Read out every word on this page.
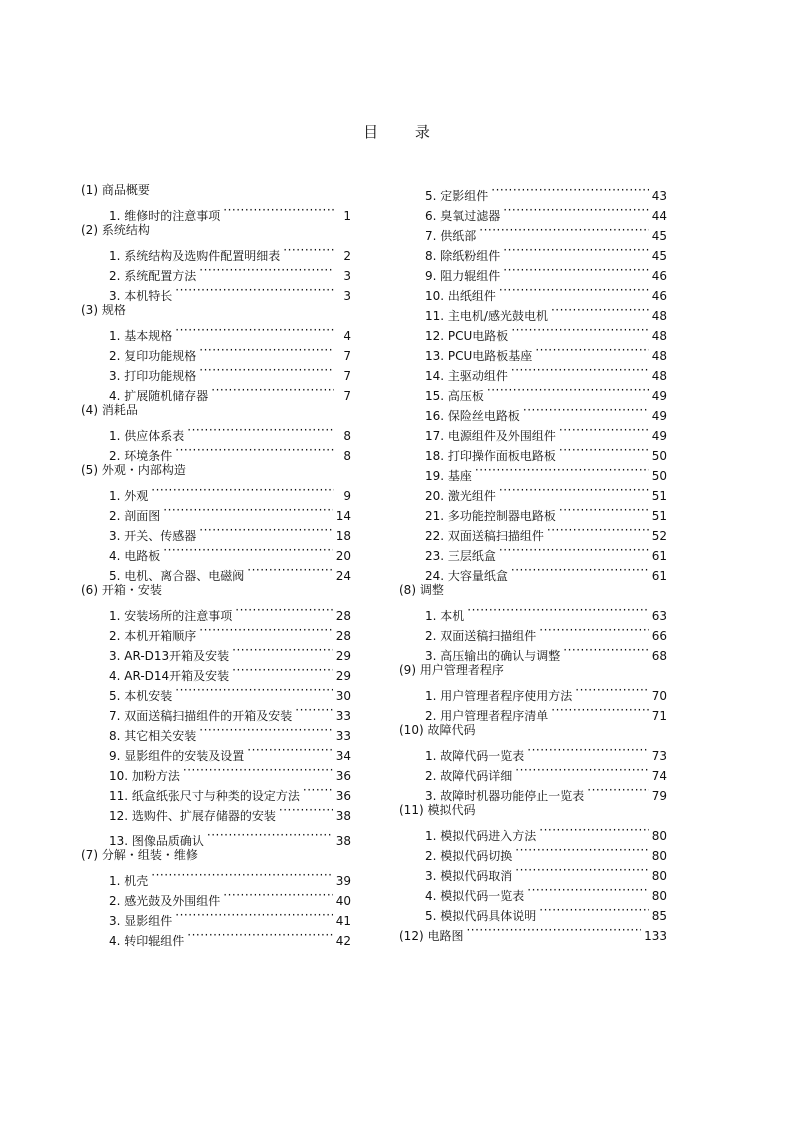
目 录
(1) 商品概要
1. 维修时的注意事项 ·····	1
(2) 系统结构
1. 系统结构及选购件配置明细表 ·····	2
2. 系统配置方法 ·····	3
3. 本机特长 ·····	3
(3) 规格
1. 基本规格 ·····	4
2. 复印功能规格 ·····	7
3. 打印功能规格 ·····	7
4. 扩展随机储存器 ·····	7
(4) 消耗品
1. 供应体系表 ·····	8
2. 环境条件 ·····	8
(5) 外观・内部构造
1. 外观 ·····	9
2. 剖面图 ·····	14
3. 开关、传感器 ·····	18
4. 电路板 ·····	20
5. 电机、离合器、电磁阀 ·····	24
(6) 开箱・安装
1. 安装场所的注意事项 ·····	28
2. 本机开箱顺序 ·····	28
3. AR-D13开箱及安装 ·····	29
4. AR-D14开箱及安装 ·····	29
5. 本机安装 ·····	30
7. 双面送稿扫描组件的开箱及安装 ·····	33
8. 其它相关安装 ·····	33
9. 显影组件的安装及设置 ·····	34
10. 加粉方法 ·····	36
11. 纸盒纸张尺寸与种类的设定方法 ·····	36
12. 选购件、扩展存储器的安装 ·····	38
13. 图像品质确认 ·····	38
(7) 分解・组装・维修
1. 机壳 ·····	39
2. 感光鼓及外围组件 ·····	40
3. 显影组件 ·····	41
4. 转印辊组件 ·····	42
5. 定影组件 ·····	43
6. 臭氧过滤器 ·····	44
7. 供纸部 ·····	45
8. 除纸粉组件 ·····	45
9. 阻力辊组件 ·····	46
10. 出纸组件 ·····	46
11. 主电机/感光鼓电机 ·····	48
12. PCU电路板 ·····	48
13. PCU电路板基座 ·····	48
14. 主驱动组件 ·····	48
15. 高压板 ·····	49
16. 保险丝电路板 ·····	49
17. 电源组件及外围组件 ·····	49
18. 打印操作面板电路板 ·····	50
19. 基座 ·····	50
20. 激光组件 ·····	51
21. 多功能控制器电路板 ·····	51
22. 双面送稿扫描组件 ·····	52
23. 三层纸盒 ·····	61
24. 大容量纸盒 ·····	61
(8) 调整
1. 本机 ·····	63
2. 双面送稿扫描组件 ·····	66
3. 高压输出的确认与调整 ·····	68
(9) 用户管理者程序
1. 用户管理者程序使用方法 ·····	70
2. 用户管理者程序清单 ·····	71
(10) 故障代码
1. 故障代码一览表 ·····	73
2. 故障代码详细 ·····	74
3. 故障时机器功能停止一览表 ·····	79
(11) 模拟代码
1. 模拟代码进入方法 ·····	80
2. 模拟代码切换 ·····	80
3. 模拟代码取消 ·····	80
4. 模拟代码一览表 ·····	80
5. 模拟代码具体说明 ·····	85
(12) 电路图 ·····	133
